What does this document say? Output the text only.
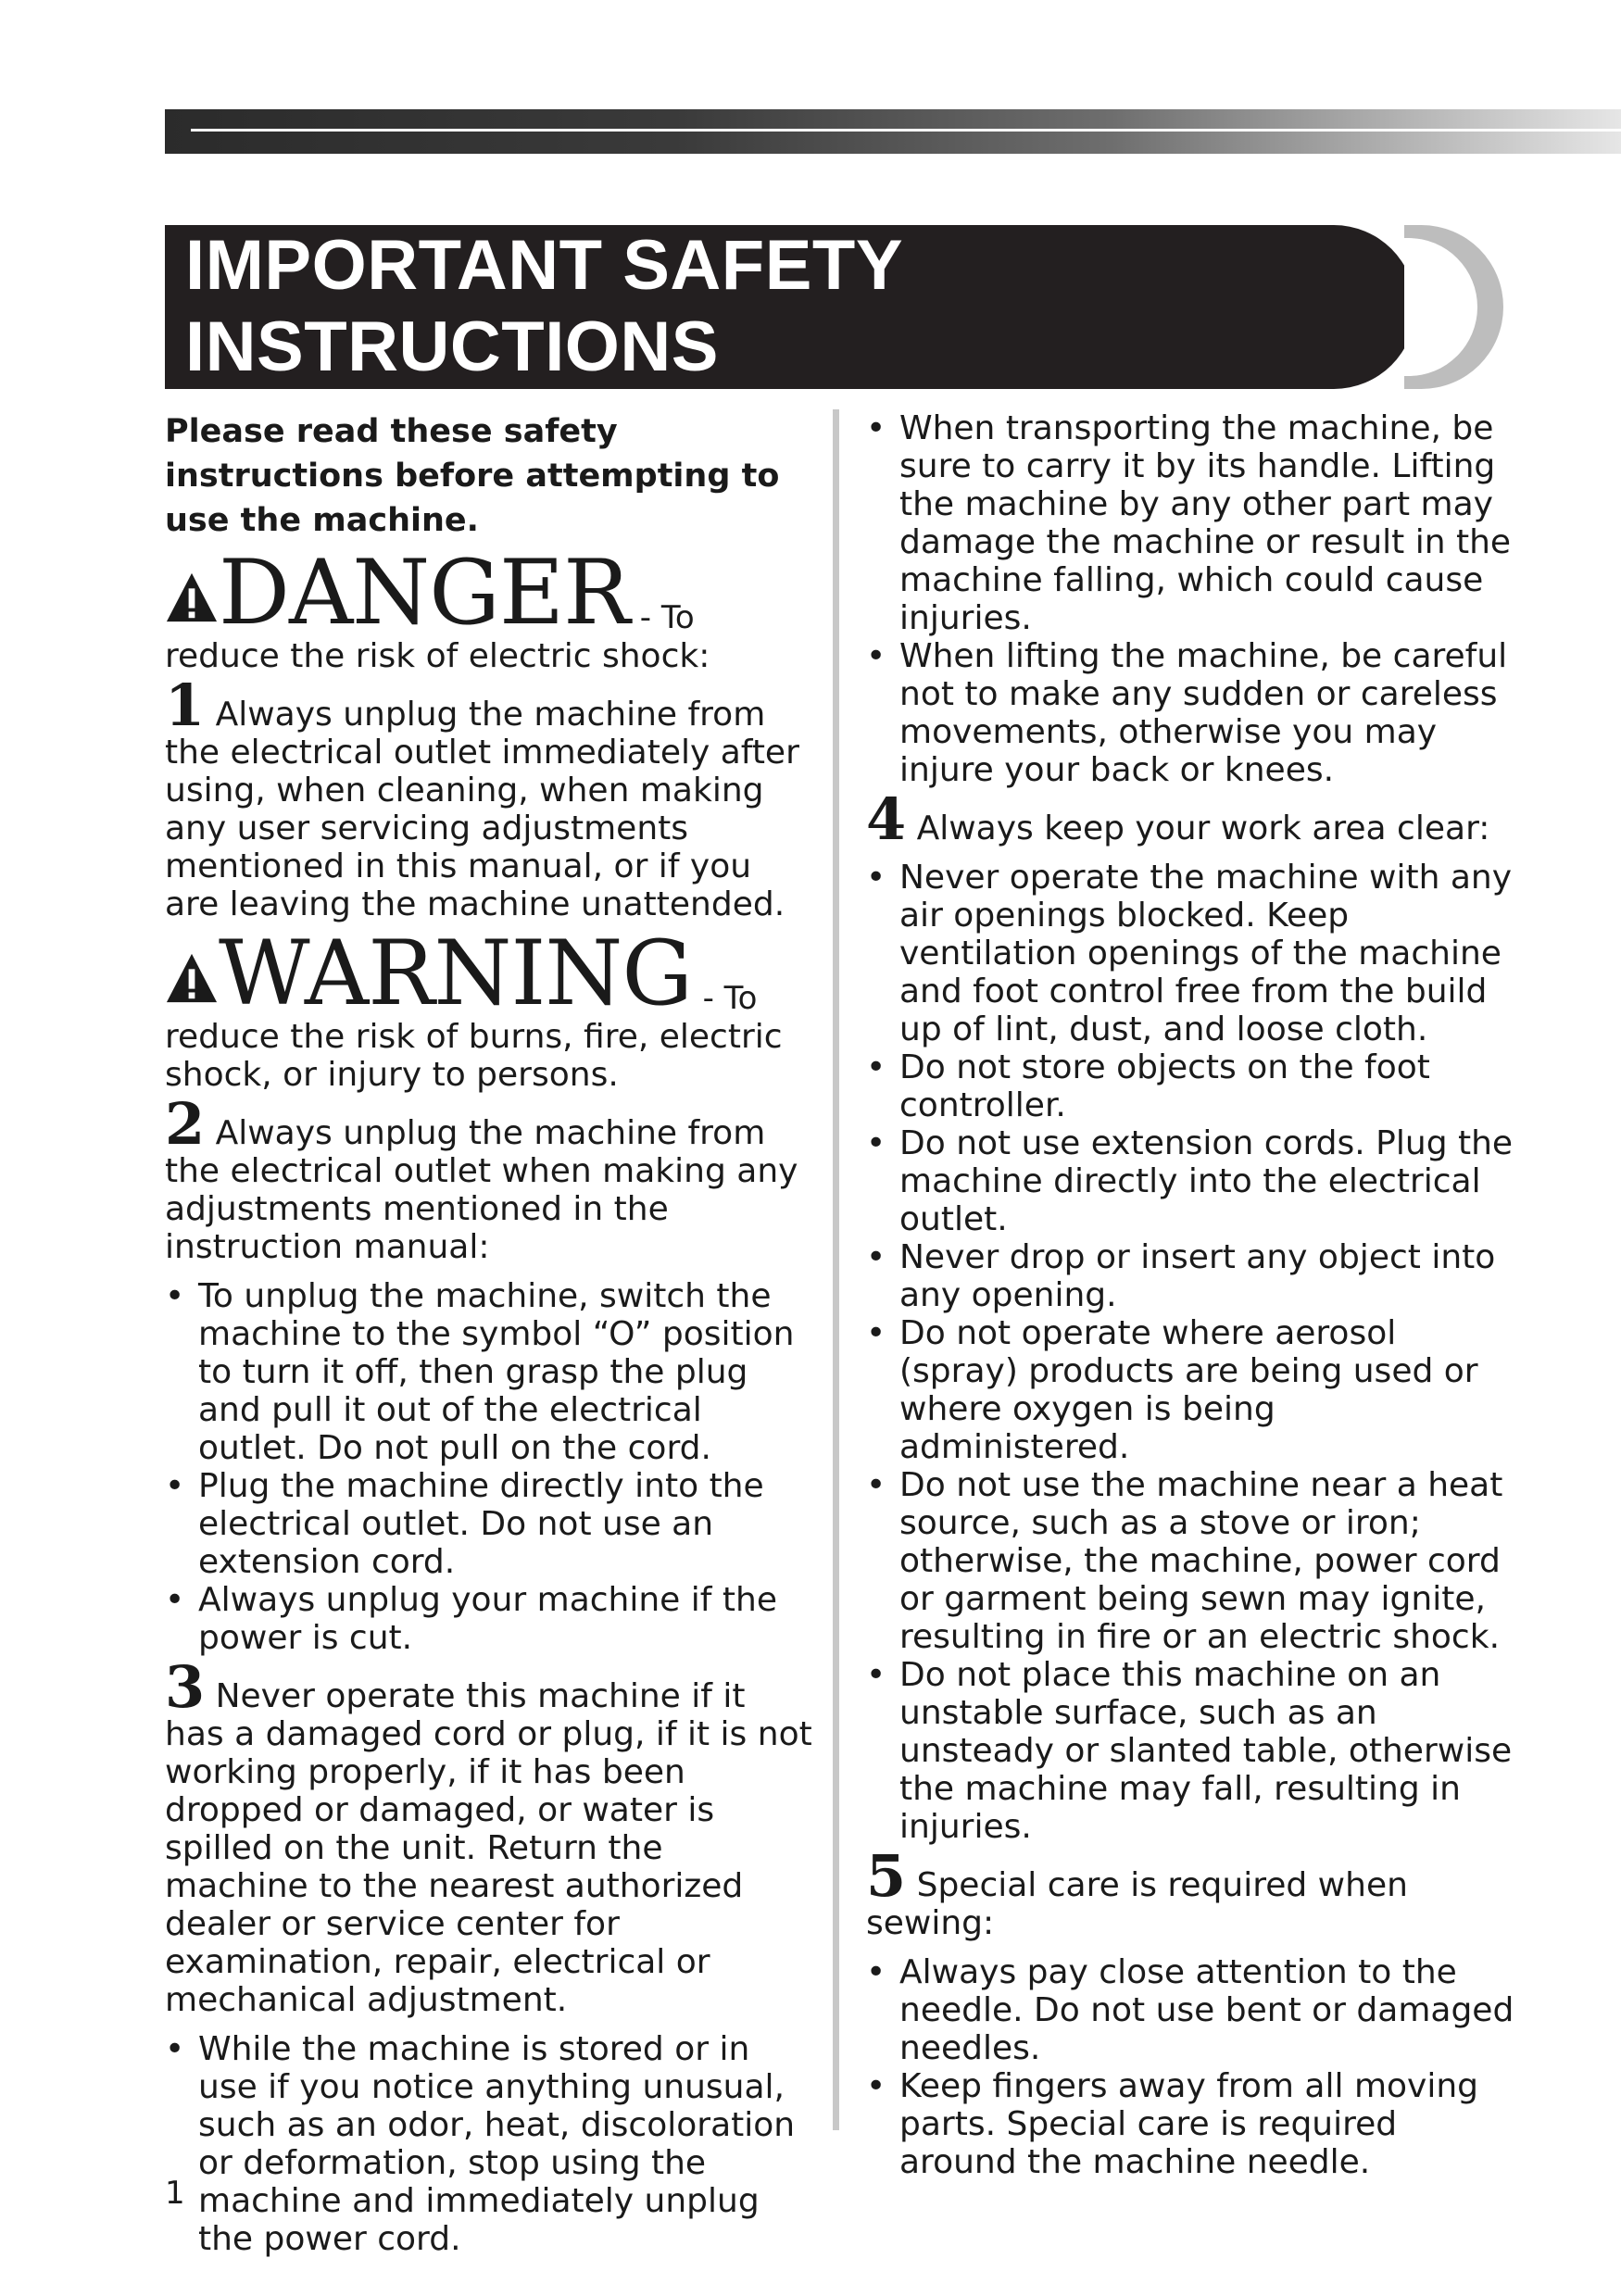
IMPORTANT SAFETY
INSTRUCTIONS

Please read these safety instructions before attempting to use the machine.

DANGER - To
reduce the risk of electric shock:

1 Always unplug the machine from the electrical outlet immediately after using, when cleaning, when making any user servicing adjustments mentioned in this manual, or if you are leaving the machine unattended.

WARNING - To
reduce the risk of burns, fire, electric shock, or injury to persons.

2 Always unplug the machine from the electrical outlet when making any adjustments mentioned in the instruction manual:

• To unplug the machine, switch the machine to the symbol “O” position to turn it off, then grasp the plug and pull it out of the electrical outlet. Do not pull on the cord.
• Plug the machine directly into the electrical outlet. Do not use an extension cord.
• Always unplug your machine if the power is cut.

3 Never operate this machine if it has a damaged cord or plug, if it is not working properly, if it has been dropped or damaged, or water is spilled on the unit. Return the machine to the nearest authorized dealer or service center for examination, repair, electrical or mechanical adjustment.

• While the machine is stored or in use if you notice anything unusual, such as an odor, heat, discoloration or deformation, stop using the machine and immediately unplug the power cord.
• When transporting the machine, be sure to carry it by its handle. Lifting the machine by any other part may damage the machine or result in the machine falling, which could cause injuries.
• When lifting the machine, be careful not to make any sudden or careless movements, otherwise you may injure your back or knees.

4 Always keep your work area clear:

• Never operate the machine with any air openings blocked. Keep ventilation openings of the machine and foot control free from the build up of lint, dust, and loose cloth.
• Do not store objects on the foot controller.
• Do not use extension cords. Plug the machine directly into the electrical outlet.
• Never drop or insert any object into any opening.
• Do not operate where aerosol (spray) products are being used or where oxygen is being administered.
• Do not use the machine near a heat source, such as a stove or iron; otherwise, the machine, power cord or garment being sewn may ignite, resulting in fire or an electric shock.
• Do not place this machine on an unstable surface, such as an unsteady or slanted table, otherwise the machine may fall, resulting in injuries.

5 Special care is required when sewing:

• Always pay close attention to the needle. Do not use bent or damaged needles.
• Keep fingers away from all moving parts. Special care is required around the machine needle.
1
